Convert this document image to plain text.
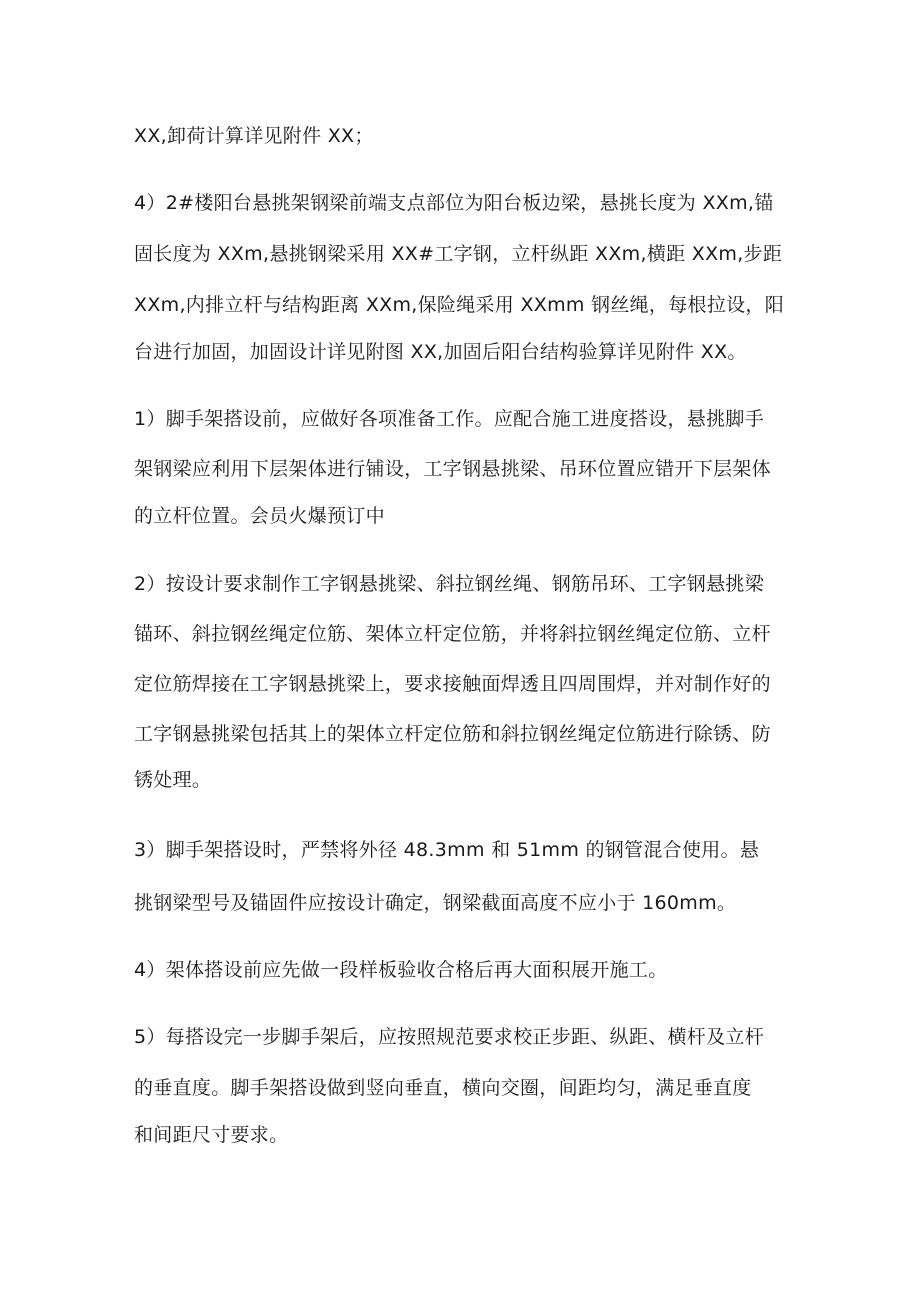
XX,卸荷计算详见附件 XX；
4）2#楼阳台悬挑架钢梁前端支点部位为阳台板边梁，悬挑长度为 XXm,锚
固长度为 XXm,悬挑钢梁采用 XX#工字钢，立杆纵距 XXm,横距 XXm,步距
XXm,内排立杆与结构距离 XXm,保险绳采用 XXmm 钢丝绳，每根拉设，阳
台进行加固，加固设计详见附图 XX,加固后阳台结构验算详见附件 XX。
1）脚手架搭设前，应做好各项准备工作。应配合施工进度搭设，悬挑脚手
架钢梁应利用下层架体进行铺设，工字钢悬挑梁、吊环位置应错开下层架体
的立杆位置。会员火爆预订中
2）按设计要求制作工字钢悬挑梁、斜拉钢丝绳、钢筋吊环、工字钢悬挑梁
锚环、斜拉钢丝绳定位筋、架体立杆定位筋，并将斜拉钢丝绳定位筋、立杆
定位筋焊接在工字钢悬挑梁上，要求接触面焊透且四周围焊，并对制作好的
工字钢悬挑梁包括其上的架体立杆定位筋和斜拉钢丝绳定位筋进行除锈、防
锈处理。
3）脚手架搭设时，严禁将外径 48.3mm 和 51mm 的钢管混合使用。悬
挑钢梁型号及锚固件应按设计确定，钢梁截面高度不应小于 160mm。
4）架体搭设前应先做一段样板验收合格后再大面积展开施工。
5）每搭设完一步脚手架后，应按照规范要求校正步距、纵距、横杆及立杆
的垂直度。脚手架搭设做到竖向垂直，横向交圈，间距均匀，满足垂直度
和间距尺寸要求。
